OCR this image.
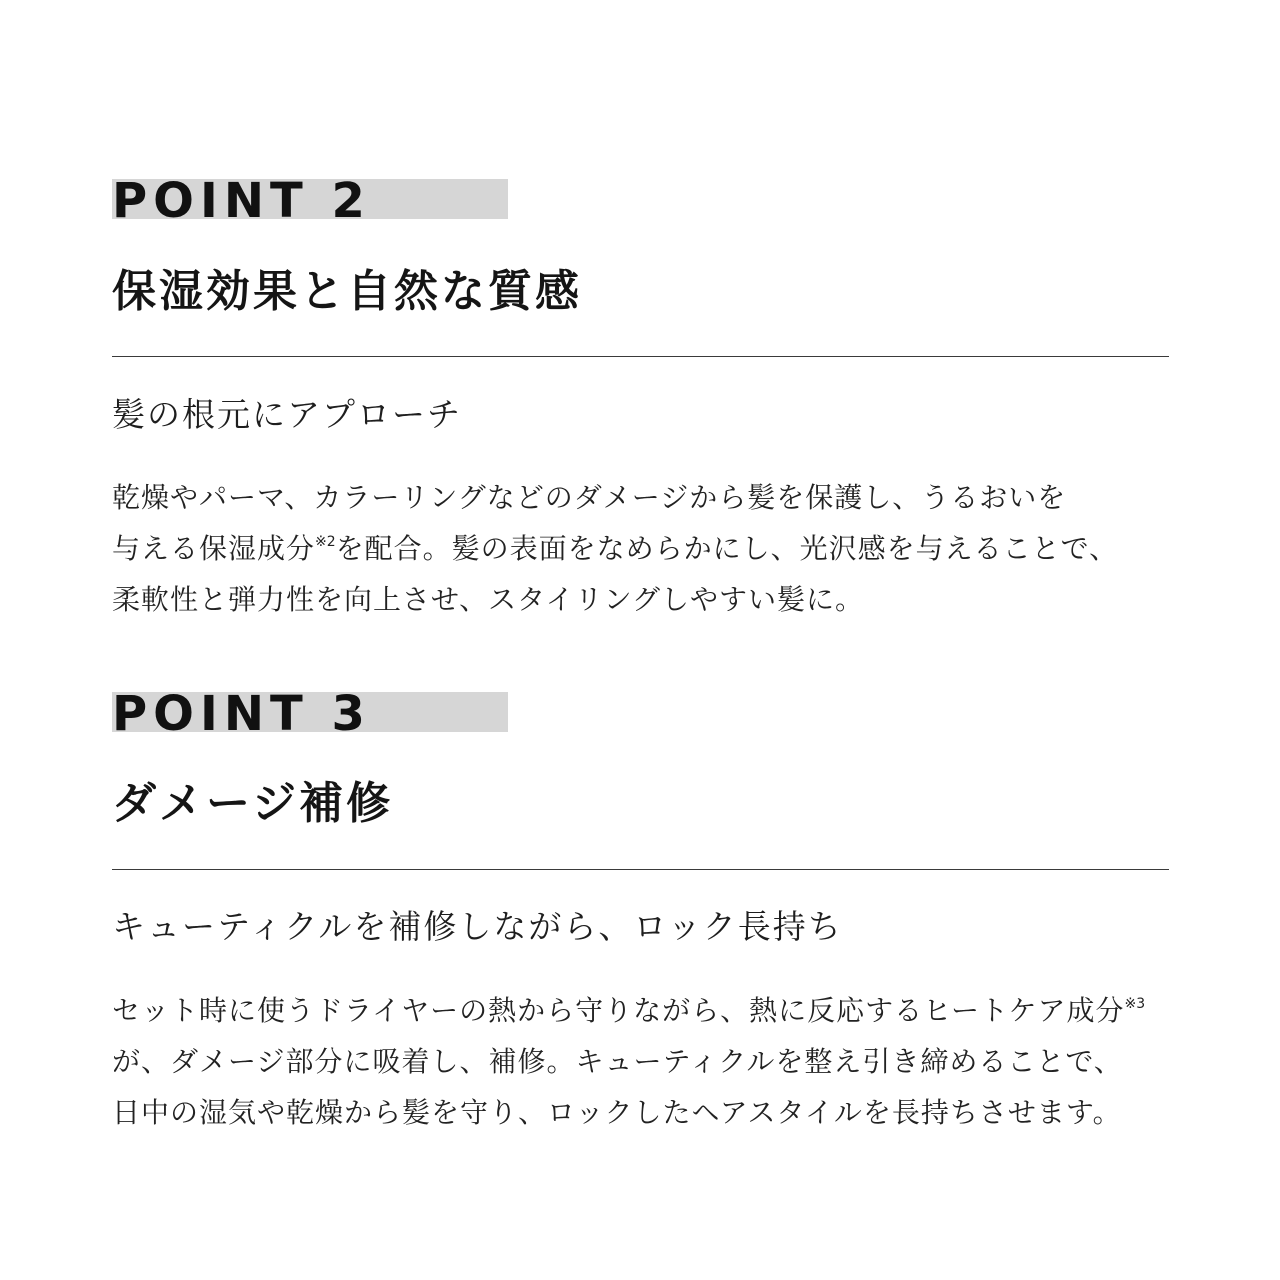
POINT 2
保湿効果と自然な質感
髪の根元にアプローチ
乾燥やパーマ、カラーリングなどのダメージから髪を保護し、うるおいを
与える保湿成分$^{※2}$を配合。髪の表面をなめらかにし、光沢感を与えることで、
柔軟性と弾力性を向上させ、スタイリングしやすい髪に。
POINT 3
ダメージ補修
キューティクルを補修しながら、ロック長持ち
セット時に使うドライヤーの熱から守りながら、熱に反応するヒートケア成分$^{※3}$
が、ダメージ部分に吸着し、補修。キューティクルを整え引き締めることで、
日中の湿気や乾燥から髪を守り、ロックしたヘアスタイルを長持ちさせます。
